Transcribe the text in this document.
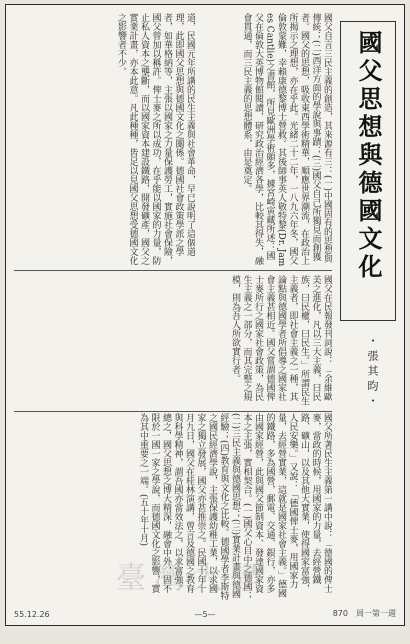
國父思想與德國文化
・張其昀・
國父自言三民主義的創造，其來源有三：(一)中國固有的思想與傳統；(二)西洋方面的學說與事蹟；(三)國父自己所獨見而創獲者。國父的思想，吸收東西學術精華，順應世界潮流，在政治上所揭示之理想，亦在乎此。光緒二十二年，一八九六年冬，國父倫敦蒙難，幸賴康德黎博士營救。其後師事英人敬特黎(Dr. James Cantlie)之書館，所見歐洲學術頗多，據宮崎寅藏所述：國父在倫敦大英博物館閱讀，研究政治經濟各學，比較其得失，融會貫通，而三民主義的思想體系，由是奠定。
道，民國元年所講的民生主義與社會革命，早已說明了這個道理，此即國父思想與德國文化之關係。德國社會政策學派之學者，如華格納等，主張以國家之力量保護勞工，實施社會保險，國父曾加以稱許。俾士麥之所以成功，在乎能以國家的力量，防止私人資本之壟斷，而以國家資本建設鐵路，開發礦產，國父之實業計畫，亦本此意。凡此種種，皆足以見國父思想受德國文化之影響者不少。
國父在民報發刊詞說：「余維歐美之進化，凡以三大主義，曰民族，曰民權，曰民生。」所謂民生主義者，即社會主義之一種，其論點與德國學者所倡導之國家社會主義甚相近。國父嘗謂德國俾士麥所行之國家社會政策，為民生主義之一部分，而其完整之規模，則為吾人所欲實行者。
國父所著民生主義第一講中說：「德國的俾士麥，當政的時候，用國家的力量，去經營鐵路、礦山，以及其他大實業，使得國家富強，人民安樂。」又說：「德國俾士麥，用國家力量，去經營實業，這就是國家社會主義。」德國的鐵路，多為國營，郵電、交通、銀行，亦多由國家經營，此與國父節制資本、發達國家資本之主張，實相契合。(一)國父心目中之德國；(二)三民主義與德國思想；(三)實業計畫與德國經驗；(四)教育與文化之比較。德國學者李斯特之國民經濟學說，主張保護幼稚工業，以求國家之獨立發展，國父亦甚推崇之。民國十年十月九日，國父在桂林演講，曾言及德國之教育與科學精神，謂吾國亦當效法之，以求富強。總之，國父思想之博大精深，融會中外，固不限於一國一家之學說，而德國文化之影響，實為其中重要之一端。(五十年十月)
臺灣大學
55.12.26	—5—	870　周一第一週
